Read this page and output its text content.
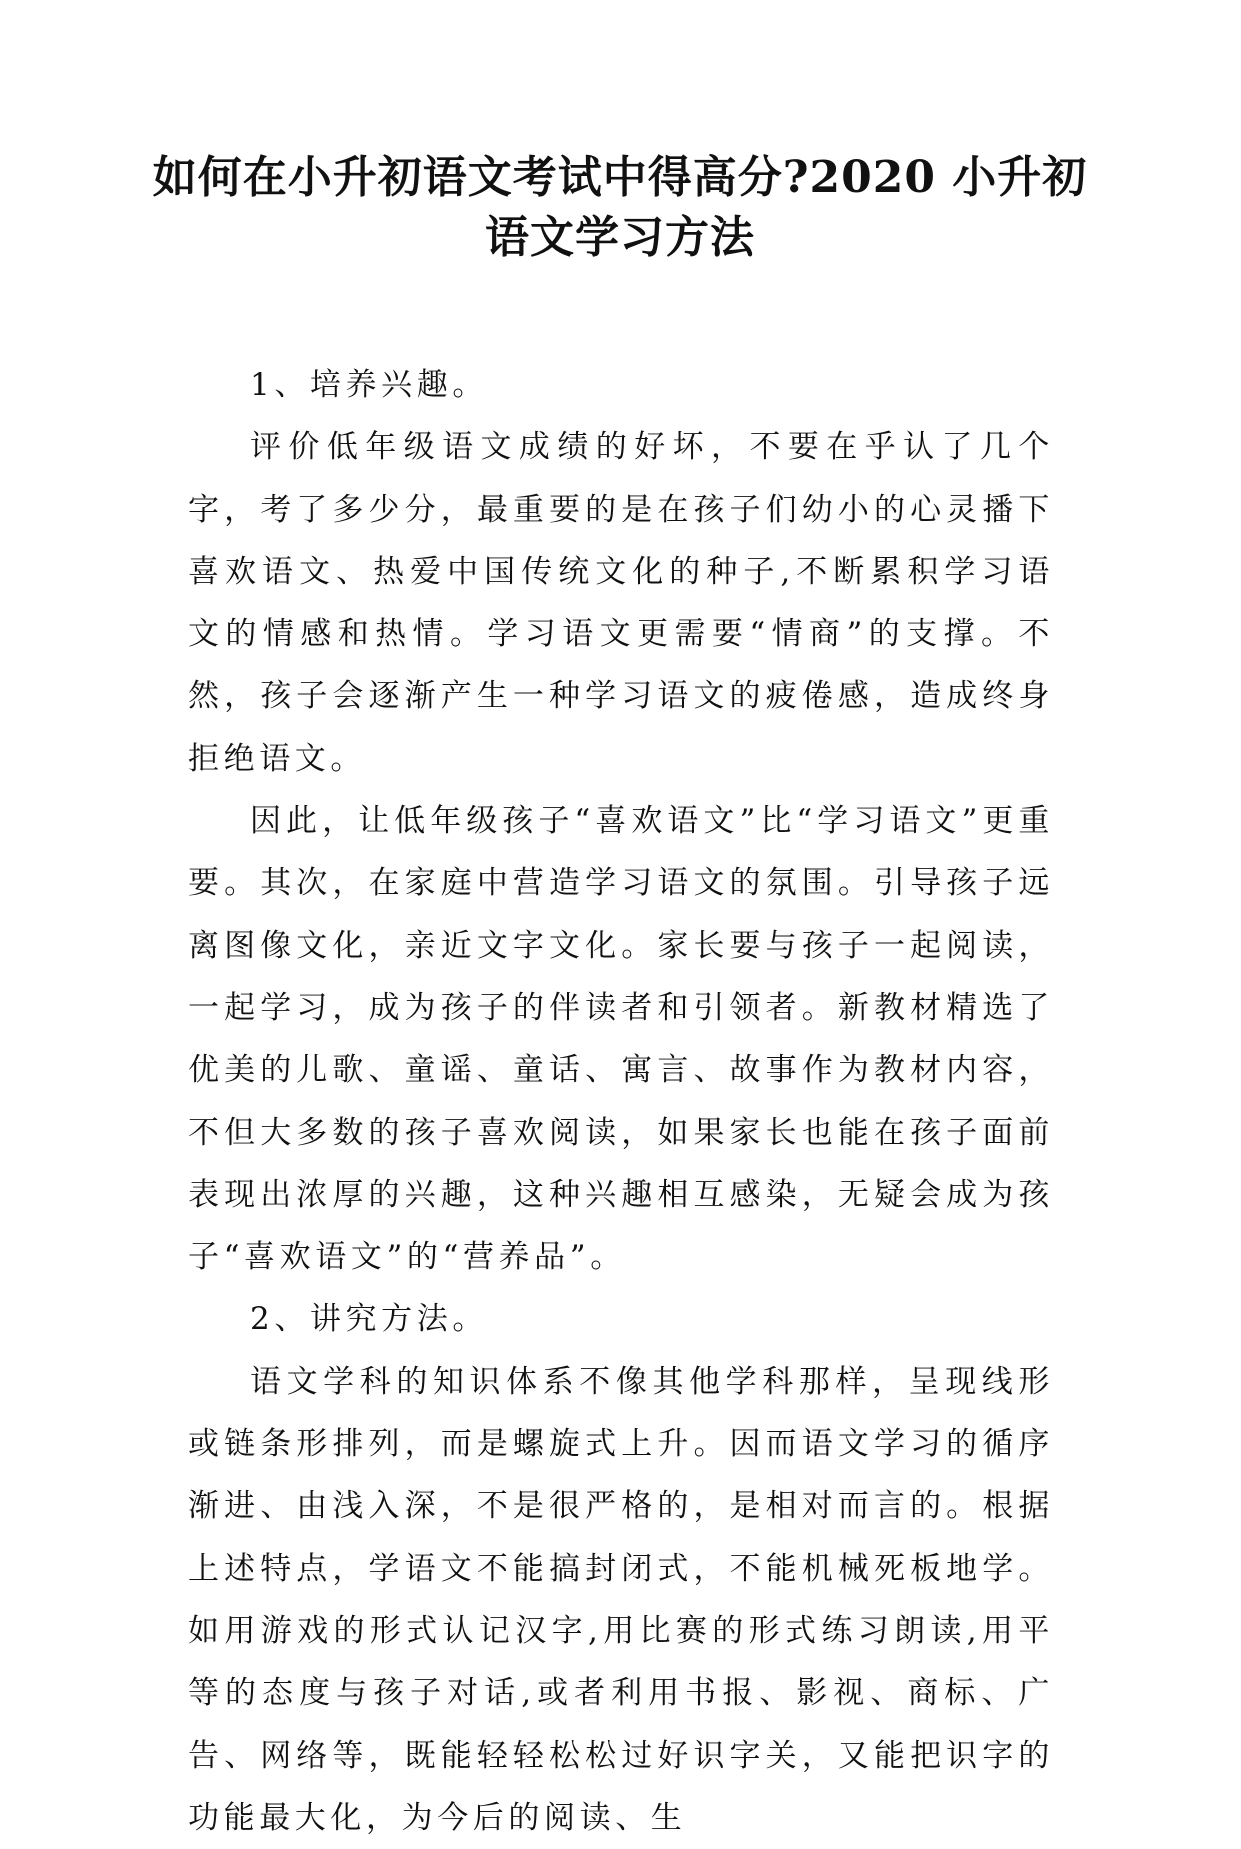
如何在小升初语文考试中得高分?2020 小升初语文学习方法

1、培养兴趣。

评价低年级语文成绩的好坏，不要在乎认了几个字，考了多少分，最重要的是在孩子们幼小的心灵播下喜欢语文、热爱中国传统文化的种子,不断累积学习语文的情感和热情。学习语文更需要“情商”的支撑。不然，孩子会逐渐产生一种学习语文的疲倦感，造成终身拒绝语文。

因此，让低年级孩子“喜欢语文”比“学习语文”更重要。其次，在家庭中营造学习语文的氛围。引导孩子远离图像文化，亲近文字文化。家长要与孩子一起阅读，一起学习，成为孩子的伴读者和引领者。新教材精选了优美的儿歌、童谣、童话、寓言、故事作为教材内容，不但大多数的孩子喜欢阅读，如果家长也能在孩子面前表现出浓厚的兴趣，这种兴趣相互感染，无疑会成为孩子“喜欢语文”的“营养品”。

2、讲究方法。

语文学科的知识体系不像其他学科那样，呈现线形或链条形排列，而是螺旋式上升。因而语文学习的循序渐进、由浅入深，不是很严格的，是相对而言的。根据上述特点，学语文不能搞封闭式，不能机械死板地学。如用游戏的形式认记汉字,用比赛的形式练习朗读,用平等的态度与孩子对话,或者利用书报、影视、商标、广告、网络等，既能轻轻松松过好识字关，又能把识字的功能最大化，为今后的阅读、生
